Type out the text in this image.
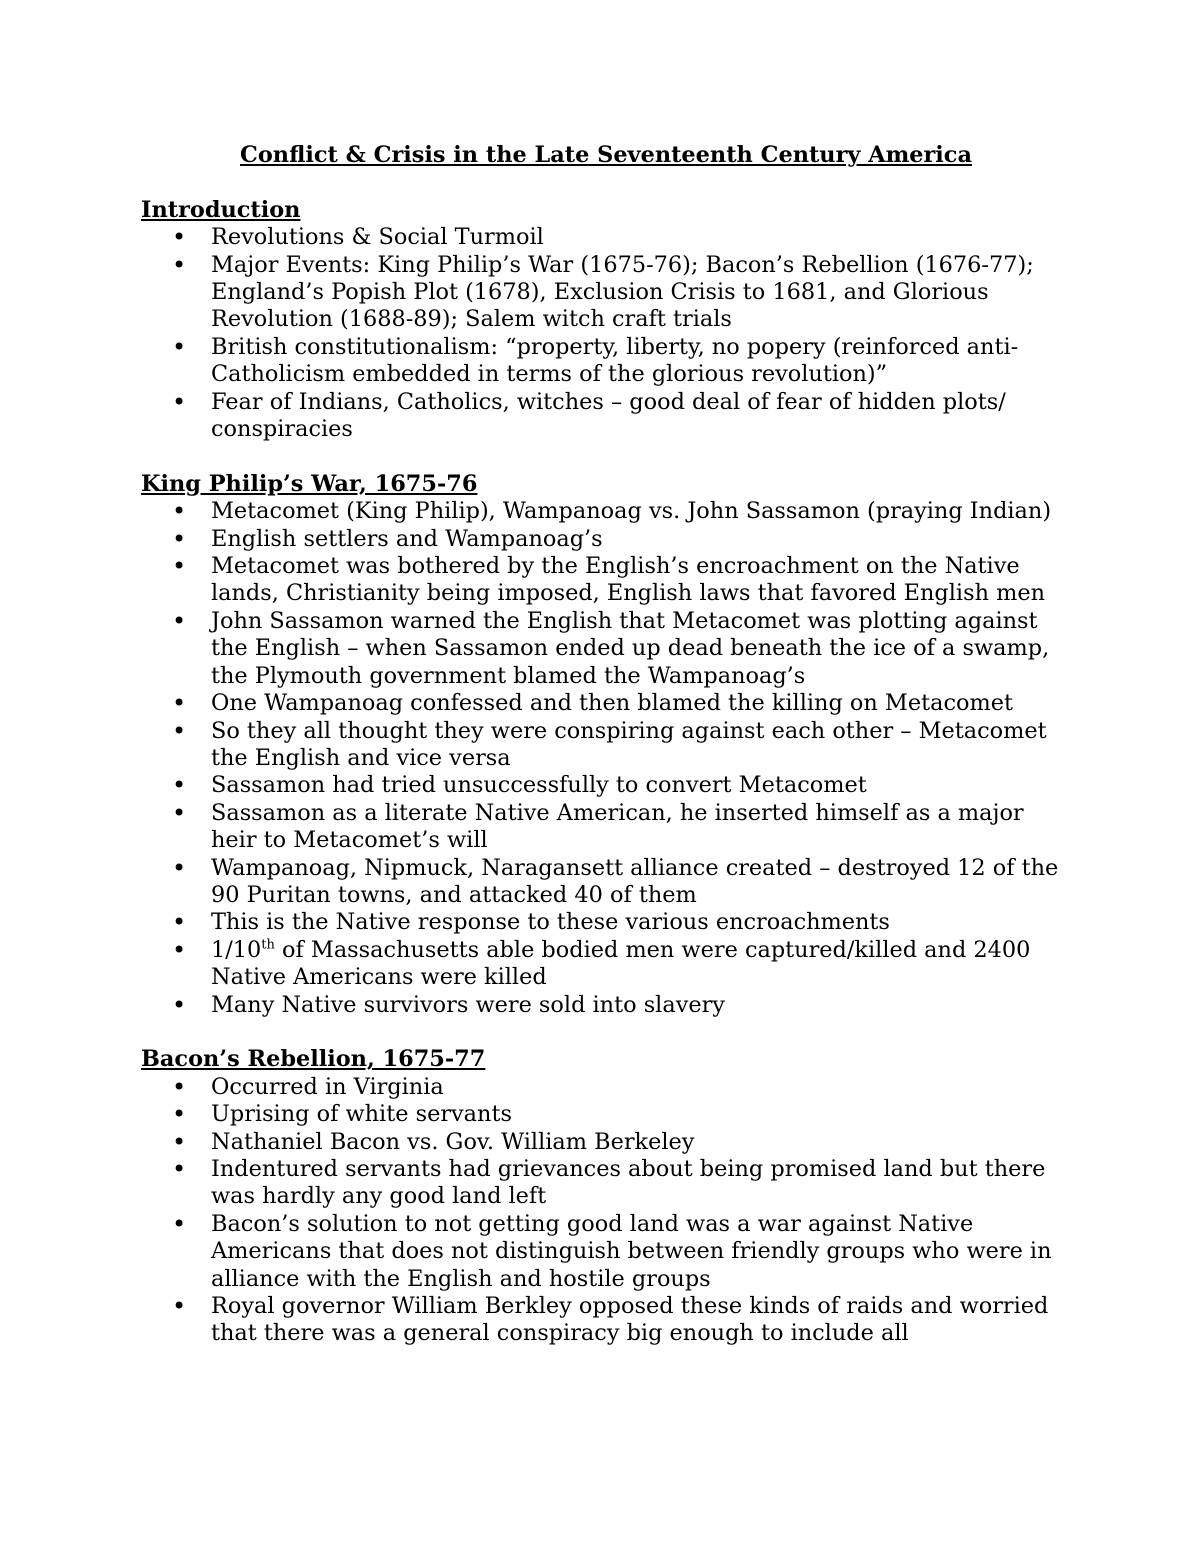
Conflict & Crisis in the Late Seventeenth Century America
Introduction
• Revolutions & Social Turmoil
• Major Events: King Philip’s War (1675-76); Bacon’s Rebellion (1676-77); England’s Popish Plot (1678), Exclusion Crisis to 1681, and Glorious Revolution (1688-89); Salem witch craft trials
• British constitutionalism: “property, liberty, no popery (reinforced anti-Catholicism embedded in terms of the glorious revolution)”
• Fear of Indians, Catholics, witches – good deal of fear of hidden plots/ conspiracies
King Philip’s War, 1675-76
• Metacomet (King Philip), Wampanoag vs. John Sassamon (praying Indian)
• English settlers and Wampanoag’s
• Metacomet was bothered by the English’s encroachment on the Native lands, Christianity being imposed, English laws that favored English men
• John Sassamon warned the English that Metacomet was plotting against the English – when Sassamon ended up dead beneath the ice of a swamp, the Plymouth government blamed the Wampanoag’s
• One Wampanoag confessed and then blamed the killing on Metacomet
• So they all thought they were conspiring against each other – Metacomet the English and vice versa
• Sassamon had tried unsuccessfully to convert Metacomet
• Sassamon as a literate Native American, he inserted himself as a major heir to Metacomet’s will
• Wampanoag, Nipmuck, Naragansett alliance created – destroyed 12 of the 90 Puritan towns, and attacked 40 of them
• This is the Native response to these various encroachments
• 1/10th of Massachusetts able bodied men were captured/killed and 2400 Native Americans were killed
• Many Native survivors were sold into slavery
Bacon’s Rebellion, 1675-77
• Occurred in Virginia
• Uprising of white servants
• Nathaniel Bacon vs. Gov. William Berkeley
• Indentured servants had grievances about being promised land but there was hardly any good land left
• Bacon’s solution to not getting good land was a war against Native Americans that does not distinguish between friendly groups who were in alliance with the English and hostile groups
• Royal governor William Berkley opposed these kinds of raids and worried that there was a general conspiracy big enough to include all
